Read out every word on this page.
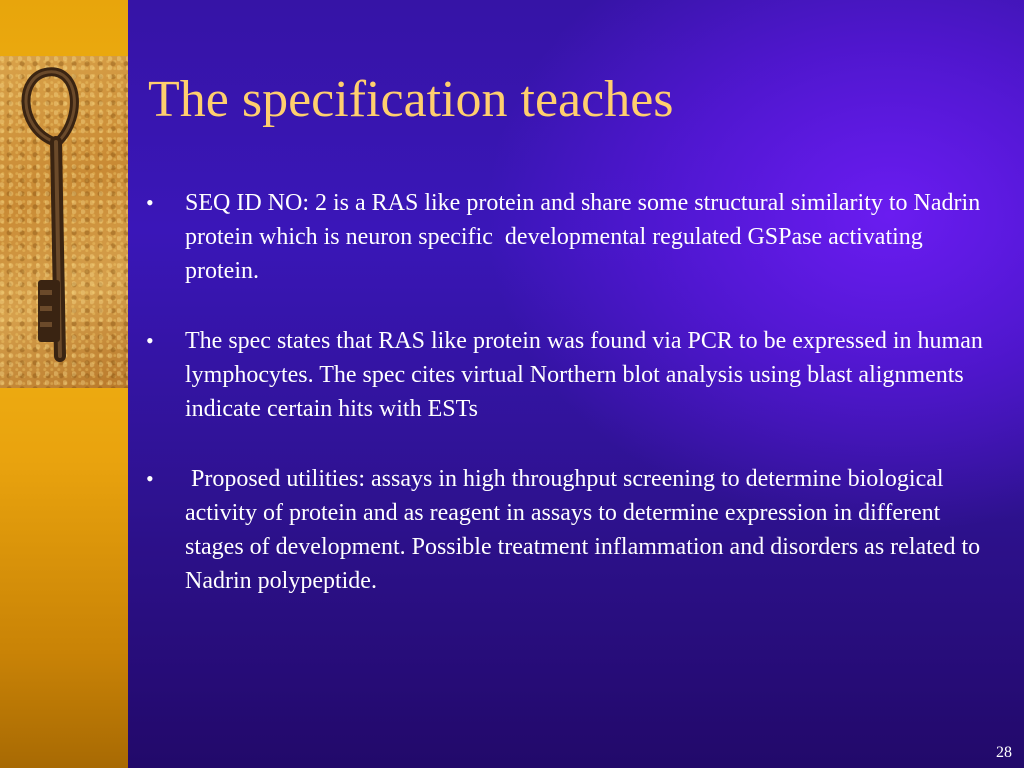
The specification teaches
• SEQ ID NO: 2 is a RAS like protein and share some structural similarity to Nadrin protein which is neuron specific  developmental regulated GSPase activating protein.
• The spec states that RAS like protein was found via PCR to be expressed in human lymphocytes. The spec cites virtual Northern blot analysis using blast alignments indicate certain hits with ESTs
• Proposed utilities: assays in high throughput screening to determine biological activity of protein and as reagent in assays to determine expression in different stages of development. Possible treatment inflammation and disorders as related to Nadrin polypeptide.
28
